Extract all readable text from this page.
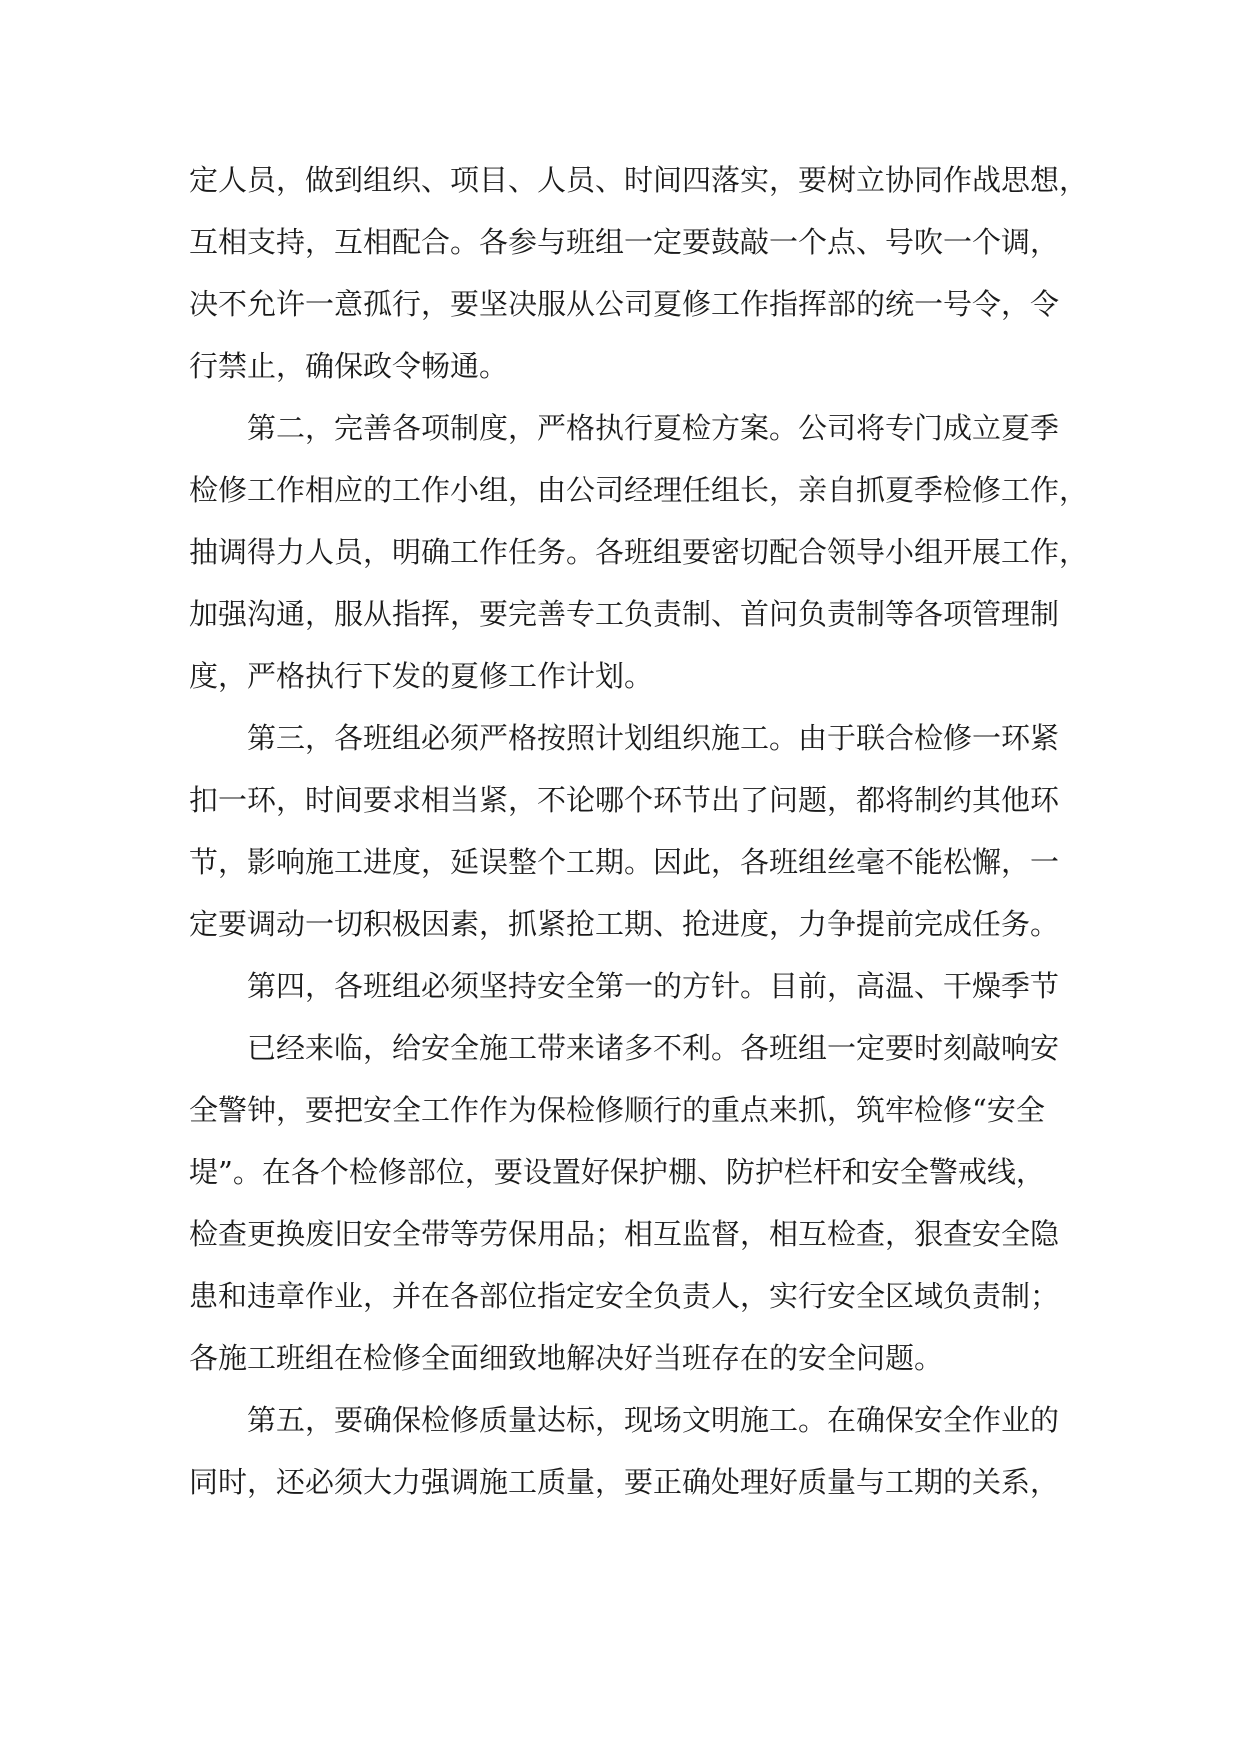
定人员，做到组织、项目、人员、时间四落实，要树立协同作战思想，
互相支持，互相配合。各参与班组一定要鼓敲一个点、号吹一个调，
决不允许一意孤行，要坚决服从公司夏修工作指挥部的统一号令，令
行禁止，确保政令畅通。
第二，完善各项制度，严格执行夏检方案。公司将专门成立夏季
检修工作相应的工作小组，由公司经理任组长，亲自抓夏季检修工作，
抽调得力人员，明确工作任务。各班组要密切配合领导小组开展工作，
加强沟通，服从指挥，要完善专工负责制、首问负责制等各项管理制
度，严格执行下发的夏修工作计划。
第三，各班组必须严格按照计划组织施工。由于联合检修一环紧
扣一环，时间要求相当紧，不论哪个环节出了问题，都将制约其他环
节，影响施工进度，延误整个工期。因此，各班组丝毫不能松懈，一
定要调动一切积极因素，抓紧抢工期、抢进度，力争提前完成任务。
第四，各班组必须坚持安全第一的方针。目前，高温、干燥季节
已经来临，给安全施工带来诸多不利。各班组一定要时刻敲响安
全警钟，要把安全工作作为保检修顺行的重点来抓，筑牢检修“安全
堤”。在各个检修部位，要设置好保护棚、防护栏杆和安全警戒线，
检查更换废旧安全带等劳保用品；相互监督，相互检查，狠查安全隐
患和违章作业，并在各部位指定安全负责人，实行安全区域负责制；
各施工班组在检修全面细致地解决好当班存在的安全问题。
第五，要确保检修质量达标，现场文明施工。在确保安全作业的
同时，还必须大力强调施工质量，要正确处理好质量与工期的关系，
